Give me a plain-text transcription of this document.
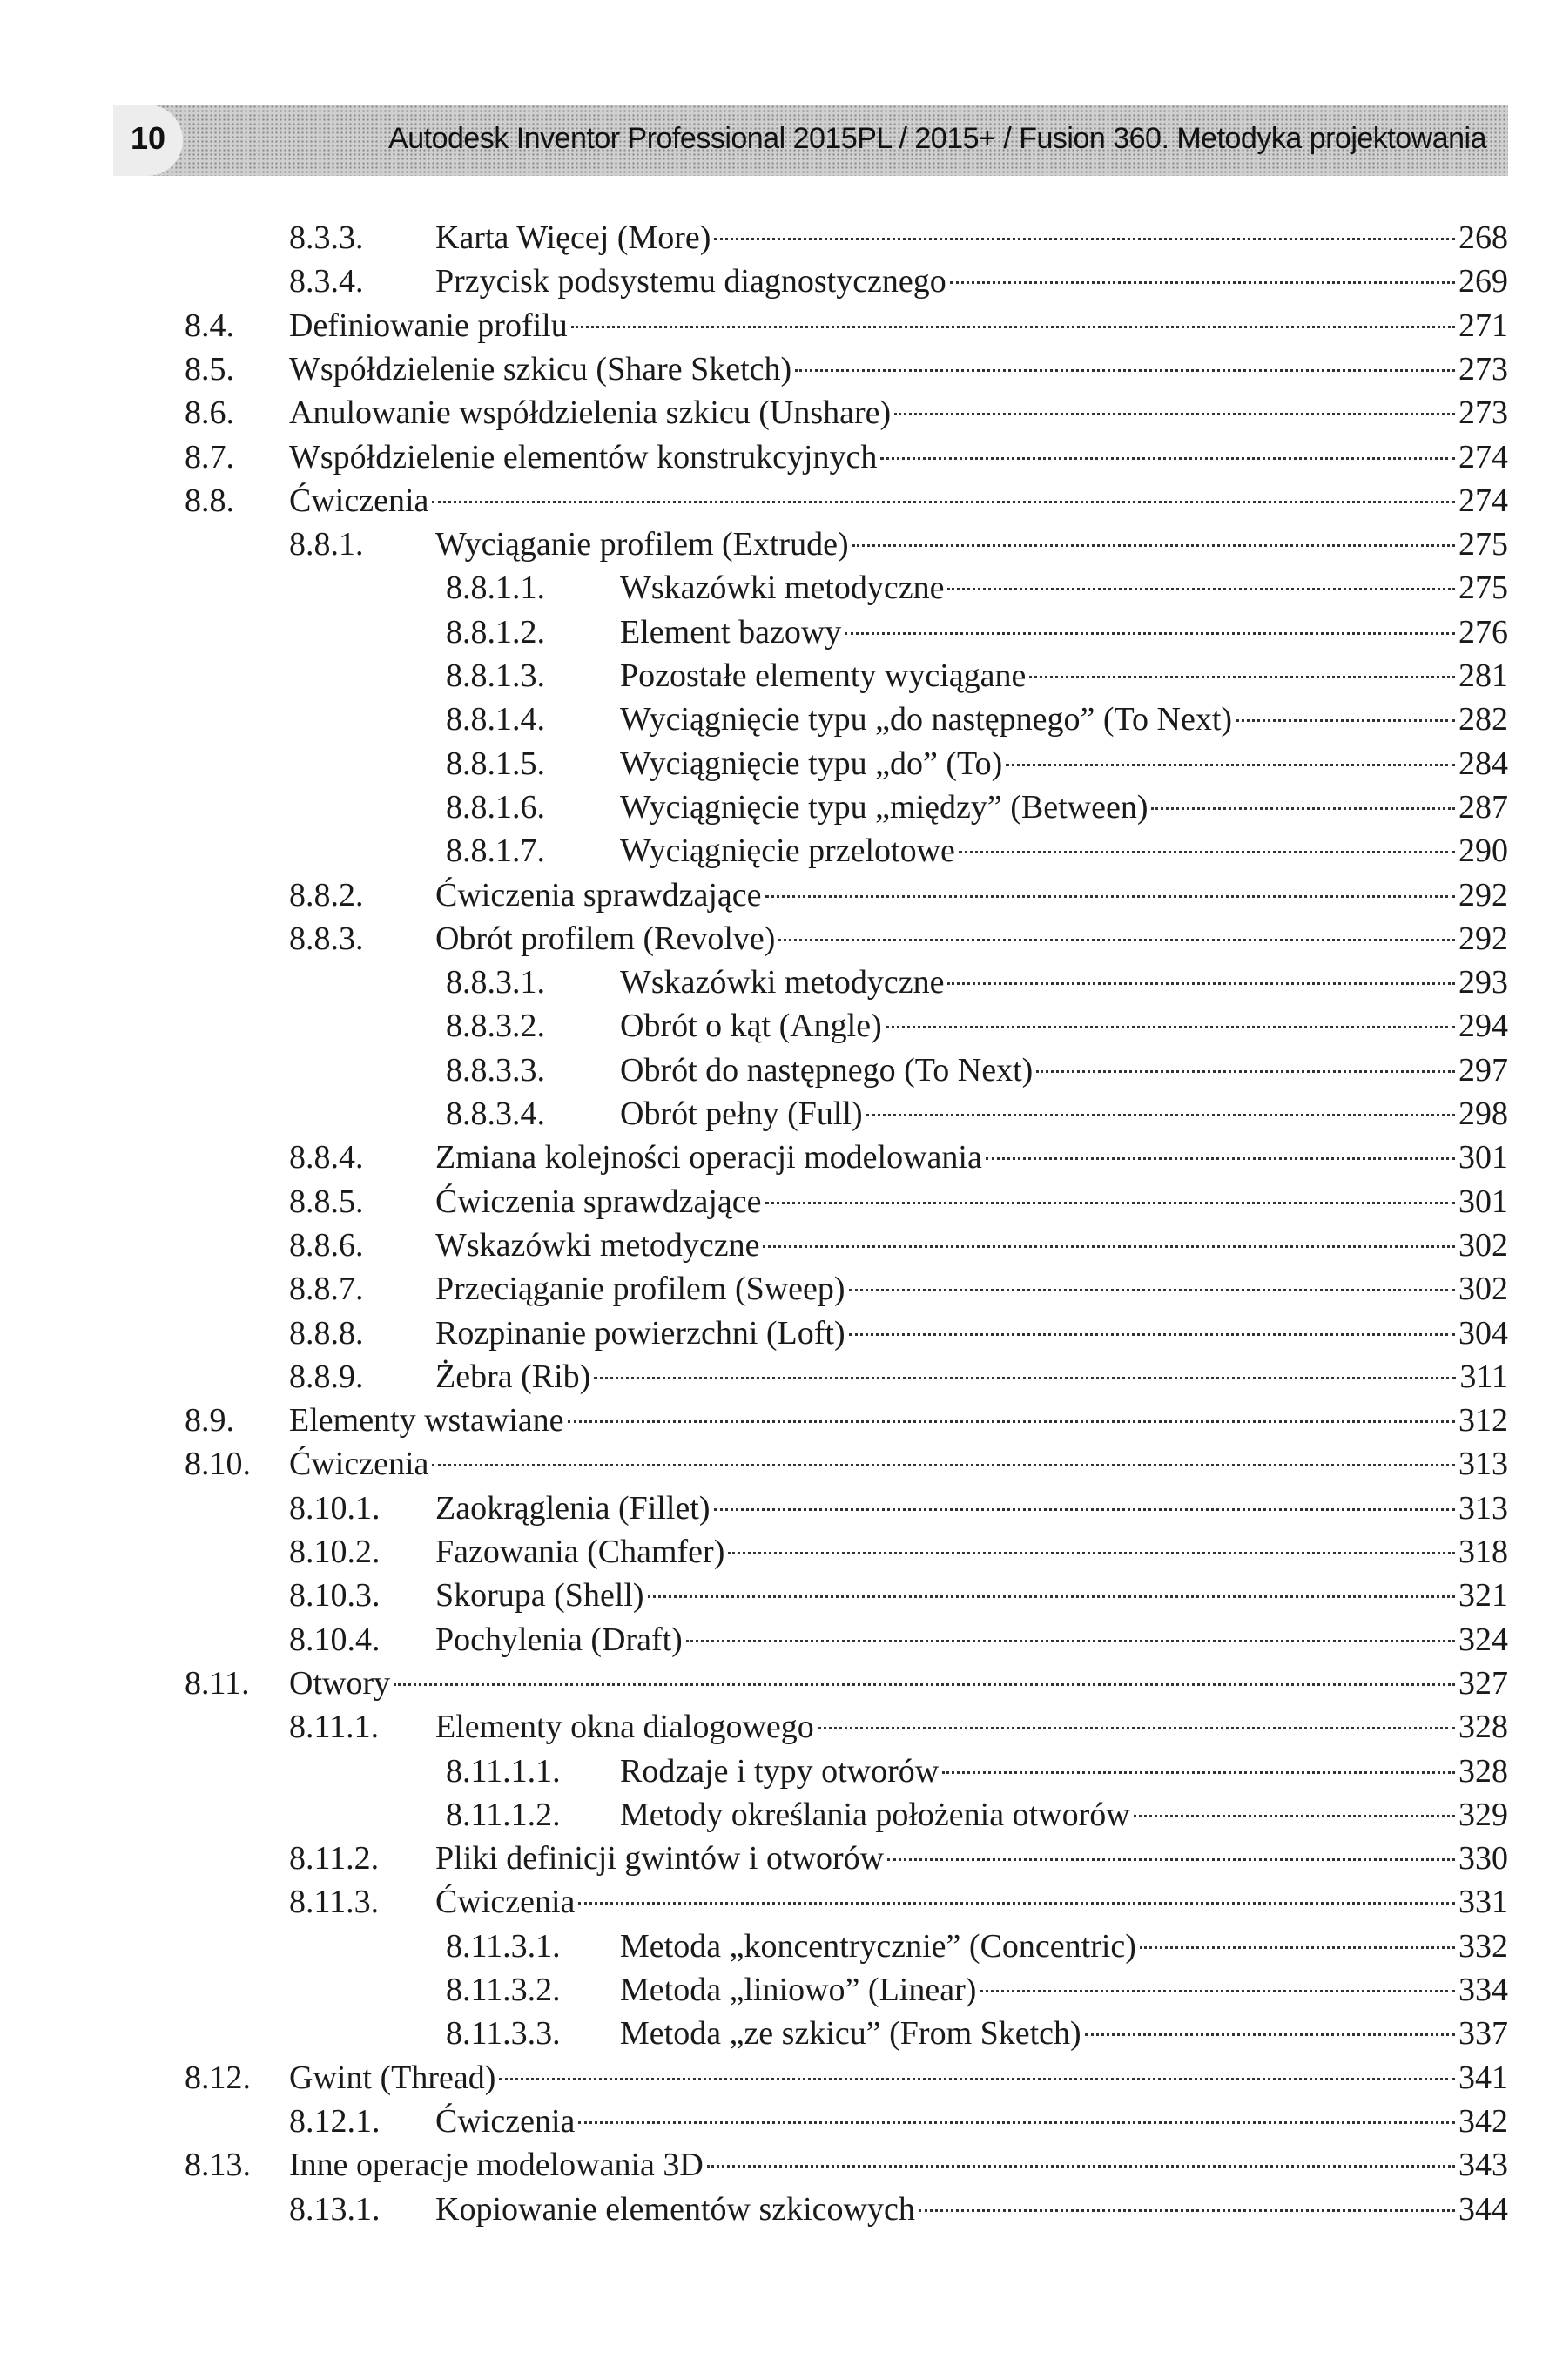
10	Autodesk Inventor Professional 2015PL / 2015+ / Fusion 360. Metodyka projektowania
8.3.3.	Karta Więcej (More)	268
8.3.4.	Przycisk podsystemu diagnostycznego	269
8.4.	Definiowanie profilu	271
8.5.	Współdzielenie szkicu (Share Sketch)	273
8.6.	Anulowanie współdzielenia szkicu (Unshare)	273
8.7.	Współdzielenie elementów konstrukcyjnych	274
8.8.	Ćwiczenia	274
8.8.1.	Wyciąganie profilem (Extrude)	275
8.8.1.1.	Wskazówki metodyczne	275
8.8.1.2.	Element bazowy	276
8.8.1.3.	Pozostałe elementy wyciągane	281
8.8.1.4.	Wyciągnięcie typu „do następnego” (To Next)	282
8.8.1.5.	Wyciągnięcie typu „do” (To)	284
8.8.1.6.	Wyciągnięcie typu „między” (Between)	287
8.8.1.7.	Wyciągnięcie przelotowe	290
8.8.2.	Ćwiczenia sprawdzające	292
8.8.3.	Obrót profilem (Revolve)	292
8.8.3.1.	Wskazówki metodyczne	293
8.8.3.2.	Obrót o kąt (Angle)	294
8.8.3.3.	Obrót do następnego (To Next)	297
8.8.3.4.	Obrót pełny (Full)	298
8.8.4.	Zmiana kolejności operacji modelowania	301
8.8.5.	Ćwiczenia sprawdzające	301
8.8.6.	Wskazówki metodyczne	302
8.8.7.	Przeciąganie profilem (Sweep)	302
8.8.8.	Rozpinanie powierzchni (Loft)	304
8.8.9.	Żebra (Rib)	311
8.9.	Elementy wstawiane	312
8.10.	Ćwiczenia	313
8.10.1.	Zaokrąglenia (Fillet)	313
8.10.2.	Fazowania (Chamfer)	318
8.10.3.	Skorupa (Shell)	321
8.10.4.	Pochylenia (Draft)	324
8.11.	Otwory	327
8.11.1.	Elementy okna dialogowego	328
8.11.1.1.	Rodzaje i typy otworów	328
8.11.1.2.	Metody określania położenia otworów	329
8.11.2.	Pliki definicji gwintów i otworów	330
8.11.3.	Ćwiczenia	331
8.11.3.1.	Metoda „koncentrycznie” (Concentric)	332
8.11.3.2.	Metoda „liniowo” (Linear)	334
8.11.3.3.	Metoda „ze szkicu” (From Sketch)	337
8.12.	Gwint (Thread)	341
8.12.1.	Ćwiczenia	342
8.13.	Inne operacje modelowania 3D	343
8.13.1.	Kopiowanie elementów szkicowych	344
